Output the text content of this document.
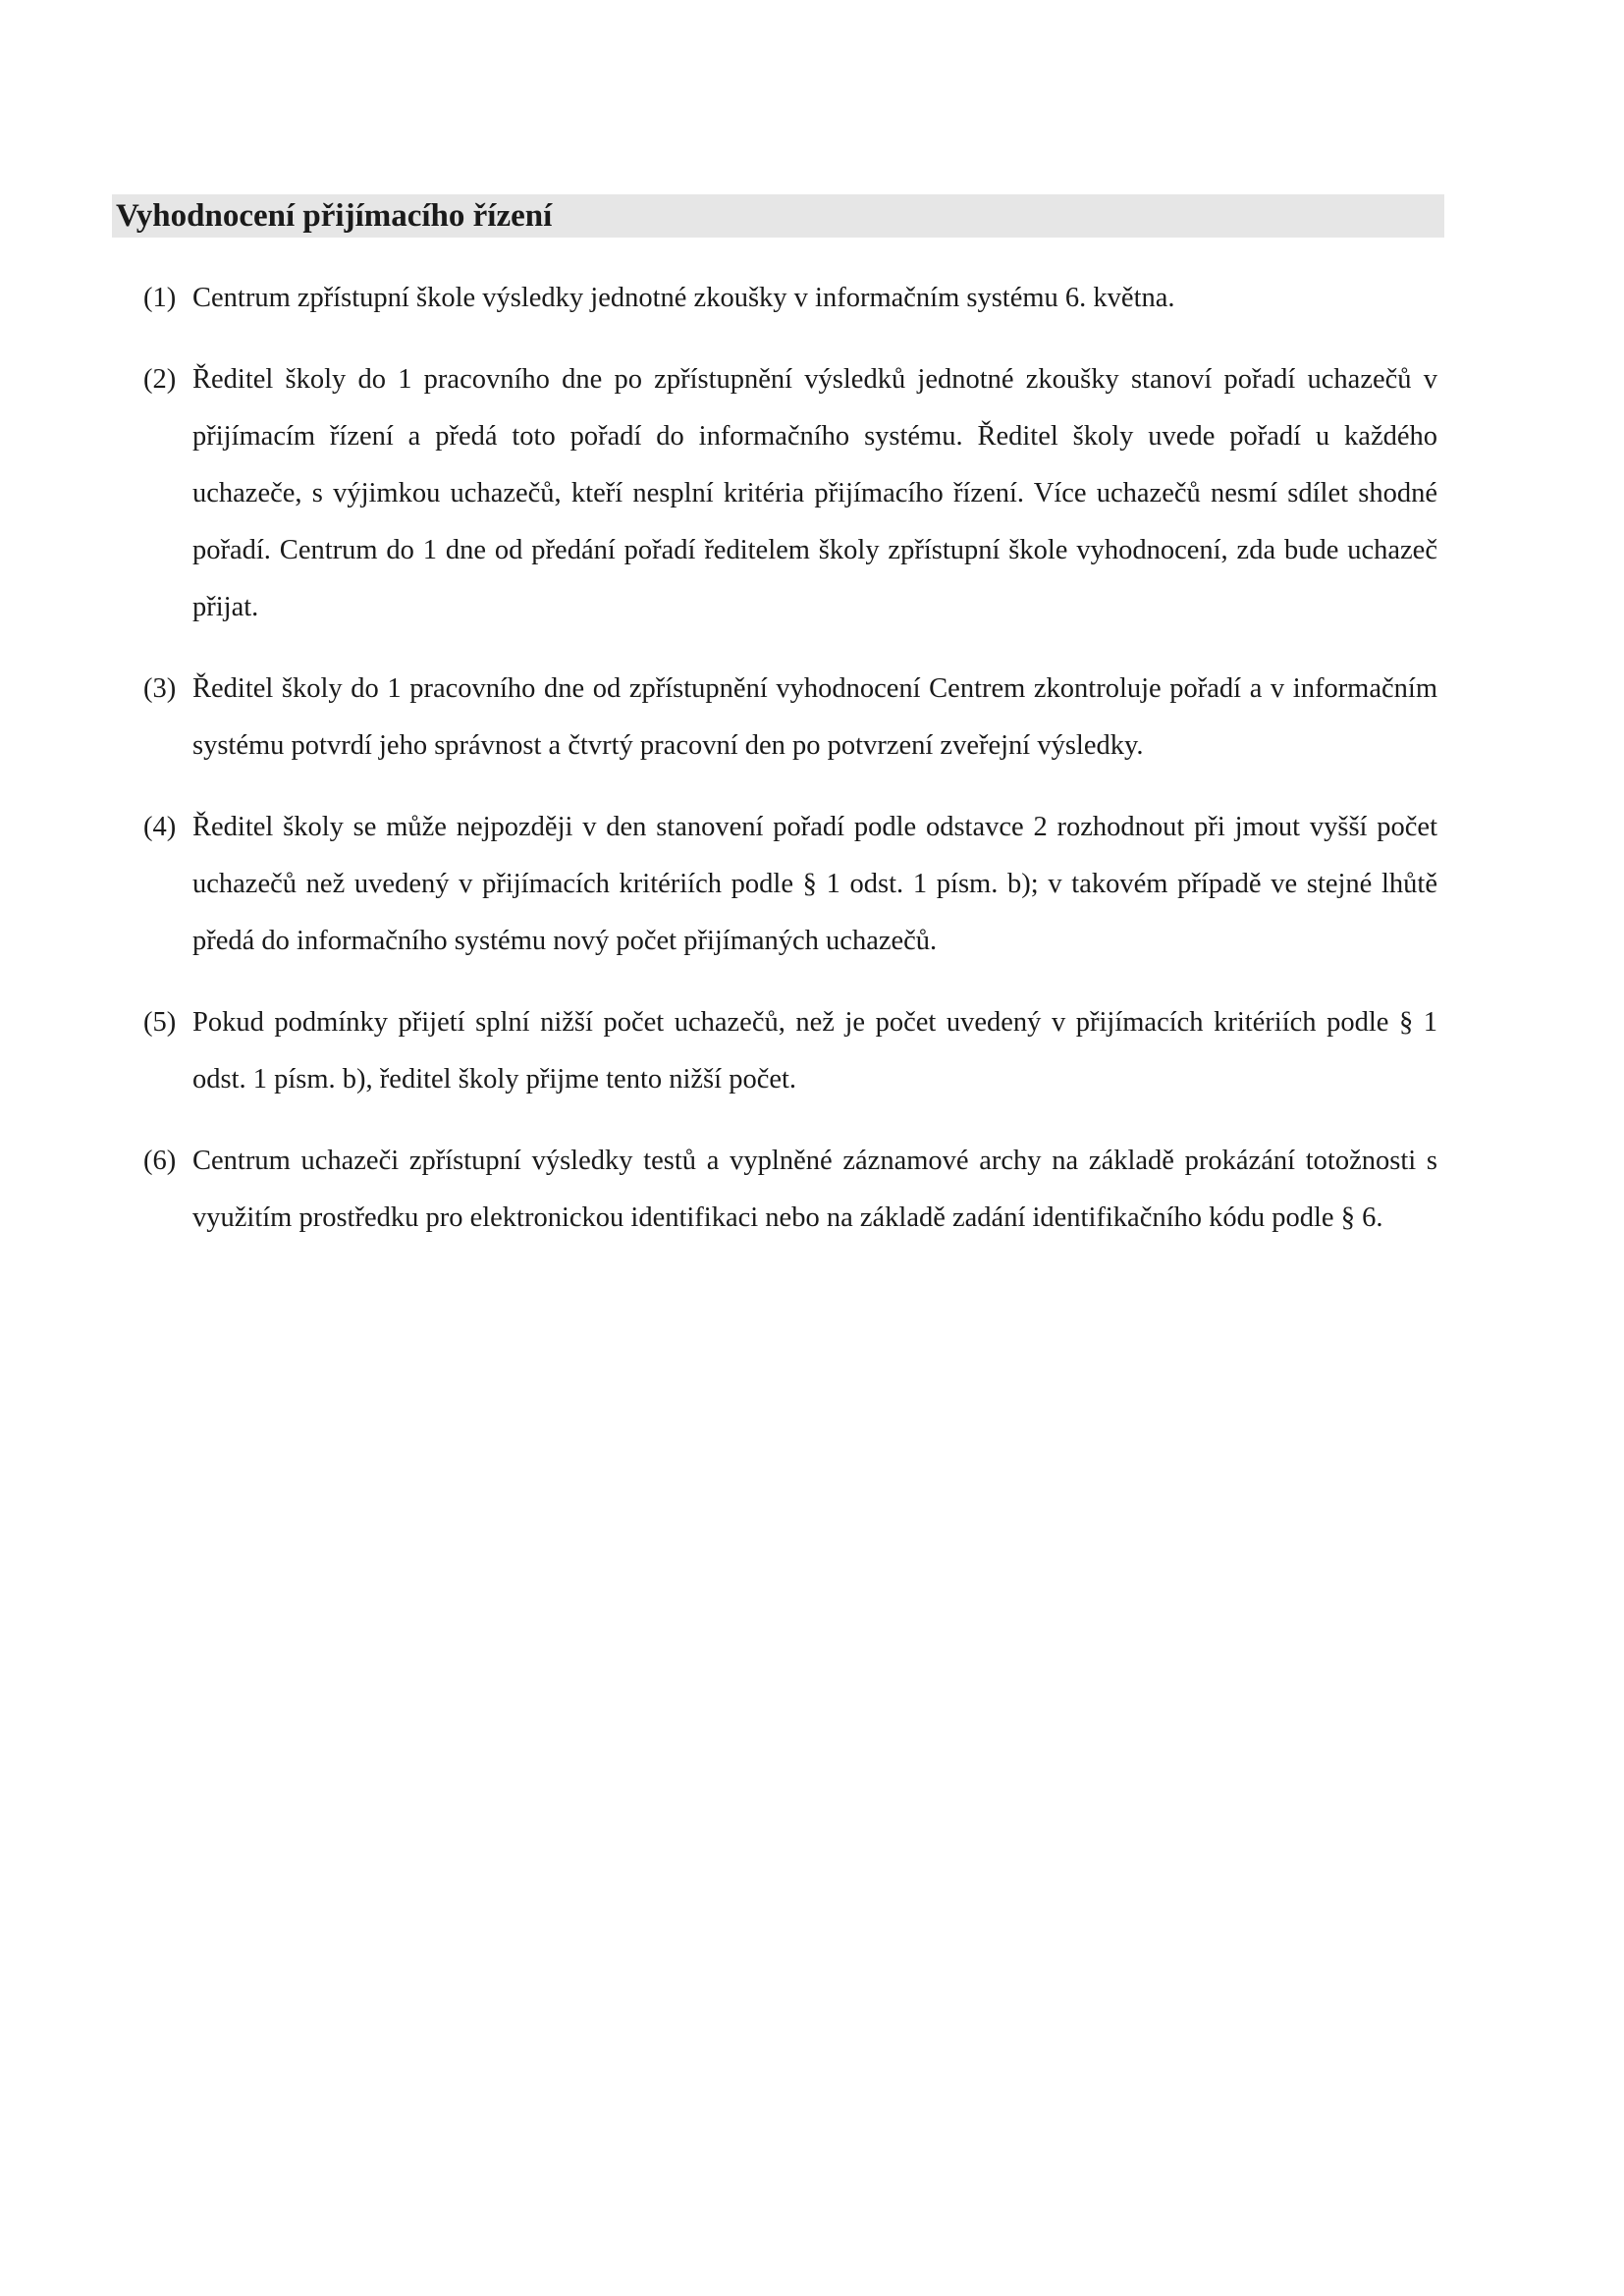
Vyhodnocení přijímacího řízení

(1) Centrum zpřístupní škole výsledky jednotné zkoušky v informačním systému 6. května.

(2) Ředitel školy do 1 pracovního dne po zpřístupnění výsledků jednotné zkoušky stanoví pořadí uchazečů v přijímacím řízení a předá toto pořadí do informačního systému. Ředitel školy uvede pořadí u každého uchazeče, s výjimkou uchazečů, kteří nesplní kritéria přijímacího řízení. Více uchazečů nesmí sdílet shodné pořadí. Centrum do 1 dne od předání pořadí ředitelem školy zpřístupní škole vyhodnocení, zda bude uchazeč přijat.

(3) Ředitel školy do 1 pracovního dne od zpřístupnění vyhodnocení Centrem zkontroluje pořadí a v informačním systému potvrdí jeho správnost a čtvrtý pracovní den po potvrzení zveřejní výsledky.

(4) Ředitel školy se může nejpozději v den stanovení pořadí podle odstavce 2 rozhodnout při jmout vyšší počet uchazečů než uvedený v přijímacích kritériích podle § 1 odst. 1 písm. b); v takovém případě ve stejné lhůtě předá do informačního systému nový počet přijímaných uchazečů.

(5) Pokud podmínky přijetí splní nižší počet uchazečů, než je počet uvedený v přijímacích kritériích podle § 1 odst. 1 písm. b), ředitel školy přijme tento nižší počet.

(6) Centrum uchazeči zpřístupní výsledky testů a vyplněné záznamové archy na základě prokázání totožnosti s využitím prostředku pro elektronickou identifikaci nebo na základě zadání identifikačního kódu podle § 6.
